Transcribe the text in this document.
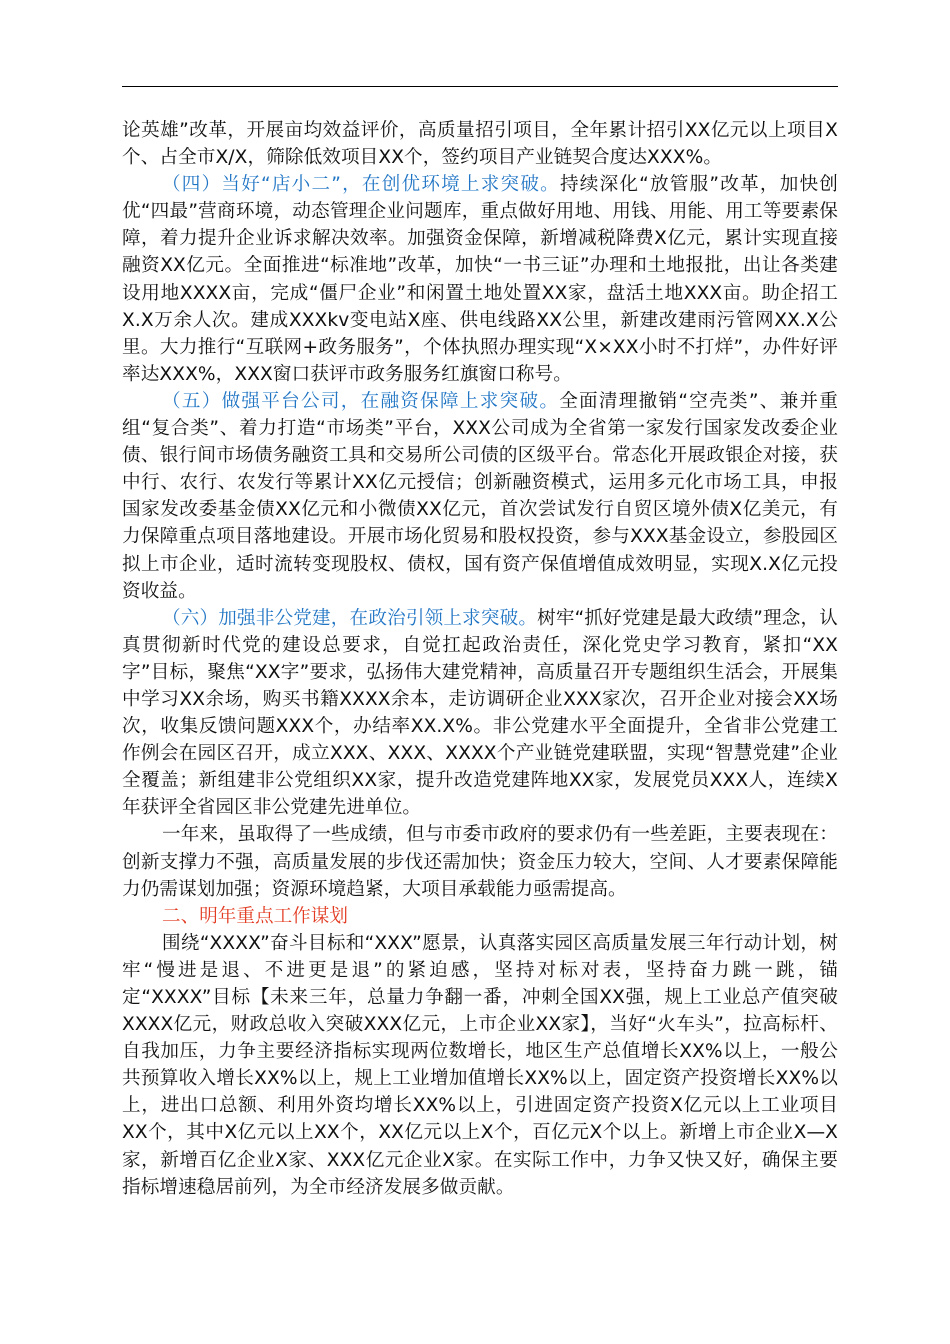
论英雄”改革，开展亩均效益评价，高质量招引项目，全年累计招引XX亿元以上项目X个、占全市X/X，筛除低效项目XX个，签约项目产业链契合度达XXX%。

（四）当好“店小二”，在创优环境上求突破。持续深化“放管服”改革，加快创优“四最”营商环境，动态管理企业问题库，重点做好用地、用钱、用能、用工等要素保障，着力提升企业诉求解决效率。加强资金保障，新增减税降费X亿元，累计实现直接融资XX亿元。全面推进“标准地”改革，加快“一书三证”办理和土地报批，出让各类建设用地XXXX亩，完成“僵尸企业”和闲置土地处置XX家，盘活土地XXX亩。助企招工X.X万余人次。建成XXXkv变电站X座、供电线路XX公里，新建改建雨污管网XX.X公里。大力推行“互联网+政务服务”，个体执照办理实现“X×XX小时不打烊”，办件好评率达XXX%，XXX窗口获评市政务服务红旗窗口称号。

（五）做强平台公司，在融资保障上求突破。全面清理撤销“空壳类”、兼并重组“复合类”、着力打造“市场类”平台，XXX公司成为全省第一家发行国家发改委企业债、银行间市场债务融资工具和交易所公司债的区级平台。常态化开展政银企对接，获中行、农行、农发行等累计XX亿元授信；创新融资模式，运用多元化市场工具，申报国家发改委基金债XX亿元和小微债XX亿元，首次尝试发行自贸区境外债X亿美元，有力保障重点项目落地建设。开展市场化贸易和股权投资，参与XXX基金设立，参股园区拟上市企业，适时流转变现股权、债权，国有资产保值增值成效明显，实现X.X亿元投资收益。

（六）加强非公党建，在政治引领上求突破。树牢“抓好党建是最大政绩”理念，认真贯彻新时代党的建设总要求，自觉扛起政治责任，深化党史学习教育，紧扣“XX字”目标，聚焦“XX字”要求，弘扬伟大建党精神，高质量召开专题组织生活会，开展集中学习XX余场，购买书籍XXXX余本，走访调研企业XXX家次，召开企业对接会XX场次，收集反馈问题XXX个，办结率XX.X%。非公党建水平全面提升，全省非公党建工作例会在园区召开，成立XXX、XXX、XXXX个产业链党建联盟，实现“智慧党建”企业全覆盖；新组建非公党组织XX家，提升改造党建阵地XX家，发展党员XXX人，连续X年获评全省园区非公党建先进单位。

一年来，虽取得了一些成绩，但与市委市政府的要求仍有一些差距，主要表现在：创新支撑力不强，高质量发展的步伐还需加快；资金压力较大，空间、人才要素保障能力仍需谋划加强；资源环境趋紧，大项目承载能力亟需提高。

二、明年重点工作谋划

围绕“XXXX”奋斗目标和“XXX”愿景，认真落实园区高质量发展三年行动计划，树牢“慢进是退、不进更是退”的紧迫感，坚持对标对表，坚持奋力跳一跳，锚定“XXXX”目标【未来三年，总量力争翻一番，冲刺全国XX强，规上工业总产值突破XXXX亿元，财政总收入突破XXX亿元，上市企业XX家】，当好“火车头”，拉高标杆、自我加压，力争主要经济指标实现两位数增长，地区生产总值增长XX%以上，一般公共预算收入增长XX%以上，规上工业增加值增长XX%以上，固定资产投资增长XX%以上，进出口总额、利用外资均增长XX%以上，引进固定资产投资X亿元以上工业项目XX个，其中X亿元以上XX个，XX亿元以上X个，百亿元X个以上。新增上市企业X—X家，新增百亿企业X家、XXX亿元企业X家。在实际工作中，力争又快又好，确保主要指标增速稳居前列，为全市经济发展多做贡献。
